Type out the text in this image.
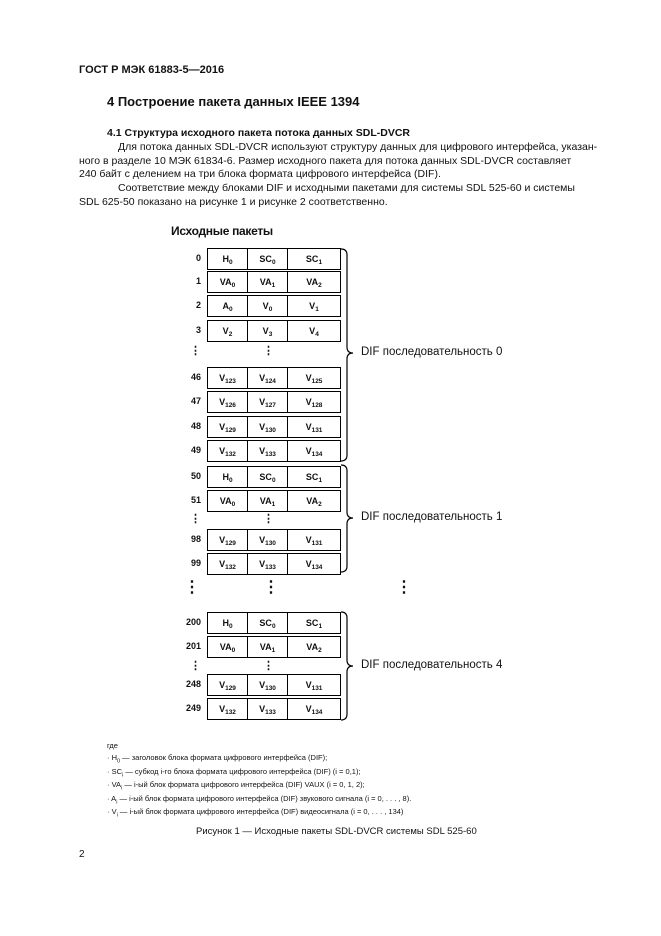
ГОСТ Р МЭК 61883-5—2016
4 Построение пакета данных IEEE 1394
4.1 Структура исходного пакета потока данных SDL-DVCR
Для потока данных SDL-DVCR используют структуру данных для цифрового интерфейса, указан-
ного в разделе 10 МЭК 61834-6. Размер исходного пакета для потока данных SDL-DVCR составляет
240 байт с делением на три блока формата цифрового интерфейса (DIF).
Соответствие между блоками DIF и исходными пакетами для системы SDL 525-60 и системы
SDL 625-50 показано на рисунке 1 и рисунке 2 соответственно.
Исходные пакеты
0	$H_0$	$SC_0$	$SC_1$
1	$VA_0$	$VA_1$	$VA_2$
2	$A_0$	$V_0$	$V_1$
3	$V_2$	$V_3$	$V_4$
46	$V_{123}$	$V_{124}$	$V_{125}$
47	$V_{126}$	$V_{127}$	$V_{128}$
48	$V_{129}$	$V_{130}$	$V_{131}$
49	$V_{132}$	$V_{133}$	$V_{134}$
50	$H_0$	$SC_0$	$SC_1$
51	$VA_0$	$VA_1$	$VA_2$
98	$V_{129}$	$V_{130}$	$V_{131}$
99	$V_{132}$	$V_{133}$	$V_{134}$
200	$H_0$	$SC_0$	$SC_1$
201	$VA_0$	$VA_1$	$VA_2$
248	$V_{129}$	$V_{130}$	$V_{131}$
249	$V_{132}$	$V_{133}$	$V_{134}$
⋮	⋮
⋮	⋮
⋮	⋮
⋮	⋮	⋮
DIF последовательность 0
DIF последовательность 1
DIF последовательность 4
где
· $H_0$ — заголовок блока формата цифрового интерфейса (DIF);
· $SC_i$ — субкод i-го блока формата цифрового интерфейса (DIF) (i = 0,1);
· $VA_i$ — i-ый блок формата цифрового интерфейса (DIF) VAUX (i = 0, 1, 2);
· $A_i$ — i-ый блок формата цифрового интерфейса (DIF) звукового сигнала (i = 0, . . . , 8).
· $V_i$ — i-ый блок формата цифрового интерфейса (DIF) видеосигнала (i = 0, . . . , 134)
Рисунок 1 — Исходные пакеты SDL-DVCR системы SDL 525-60
2
